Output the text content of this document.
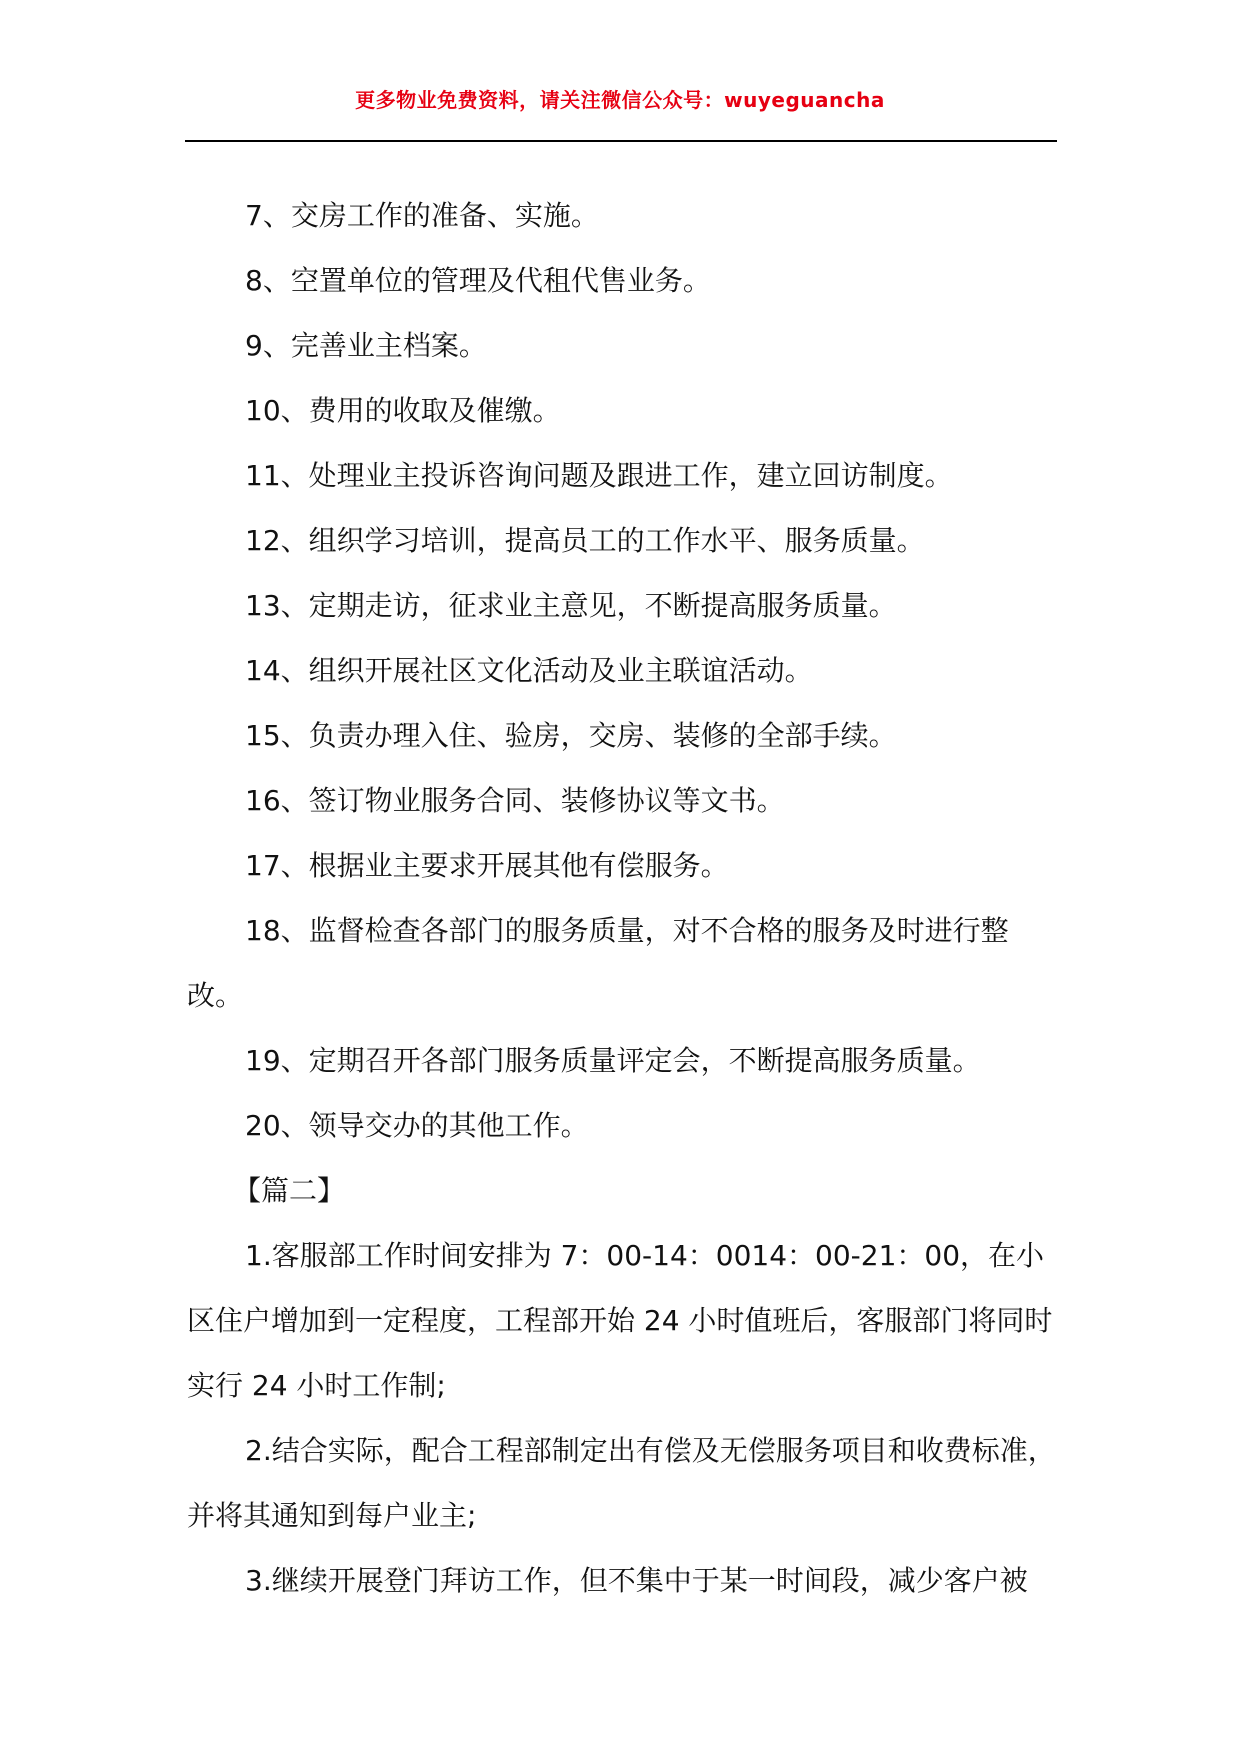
更多物业免费资料，请关注微信公众号：wuyeguancha

7、交房工作的准备、实施。

8、空置单位的管理及代租代售业务。

9、完善业主档案。

10、费用的收取及催缴。

11、处理业主投诉咨询问题及跟进工作，建立回访制度。

12、组织学习培训，提高员工的工作水平、服务质量。

13、定期走访，征求业主意见，不断提高服务质量。

14、组织开展社区文化活动及业主联谊活动。

15、负责办理入住、验房，交房、装修的全部手续。

16、签订物业服务合同、装修协议等文书。

17、根据业主要求开展其他有偿服务。

18、监督检查各部门的服务质量，对不合格的服务及时进行整改。

19、定期召开各部门服务质量评定会，不断提高服务质量。

20、领导交办的其他工作。

【篇二】

1.客服部工作时间安排为 7：00-14：0014：00-21：00，在小区住户增加到一定程度，工程部开始 24 小时值班后，客服部门将同时实行 24 小时工作制;

2.结合实际，配合工程部制定出有偿及无偿服务项目和收费标准，并将其通知到每户业主;

3.继续开展登门拜访工作，但不集中于某一时间段，减少客户被
